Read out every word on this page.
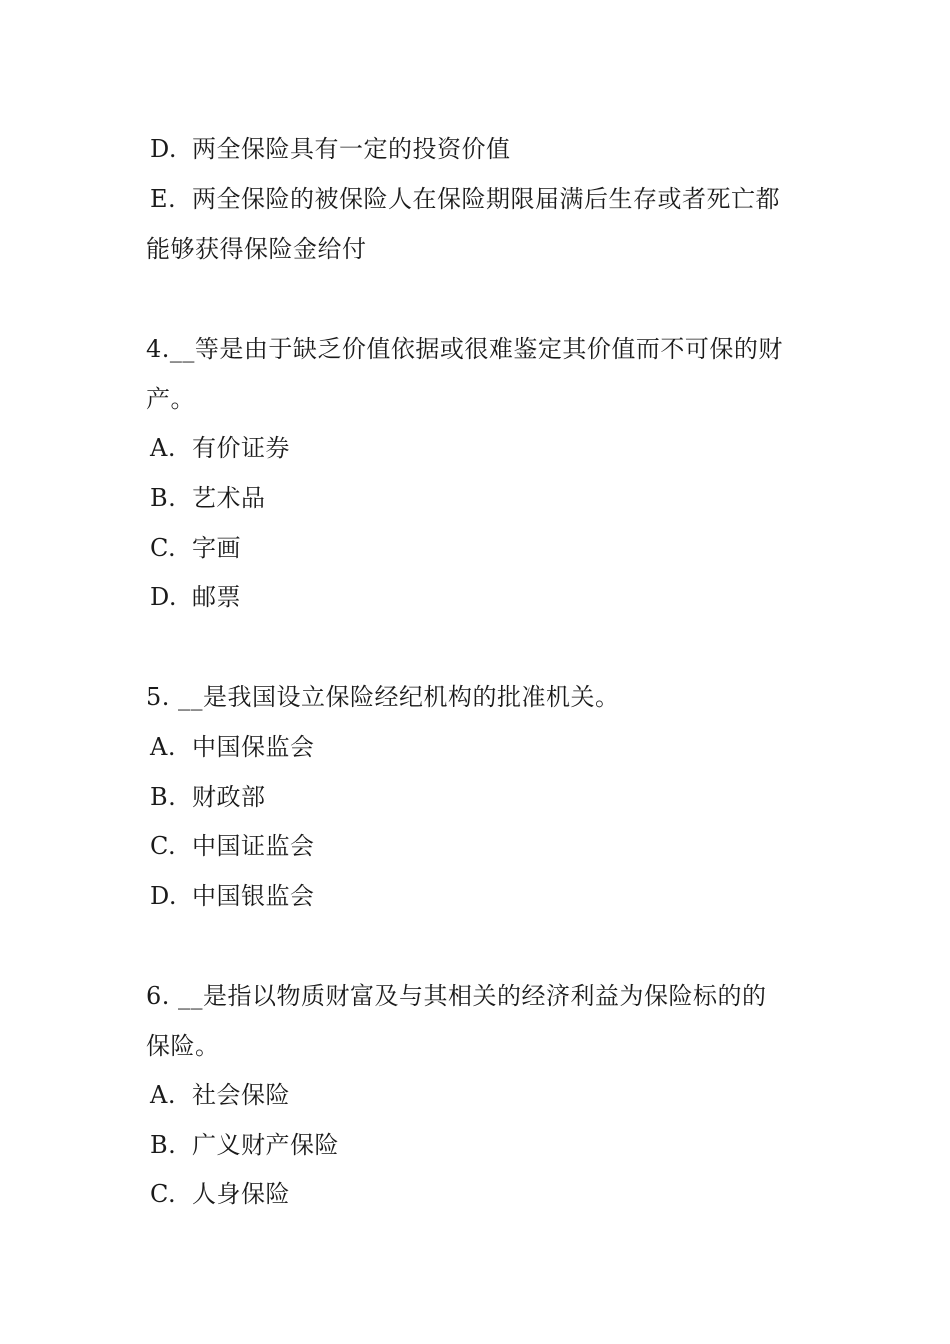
D. 两全保险具有一定的投资价值
E. 两全保险的被保险人在保险期限届满后生存或者死亡都
能够获得保险金给付
4.__等是由于缺乏价值依据或很难鉴定其价值而不可保的财
产。
A. 有价证券
B. 艺术品
C. 字画
D. 邮票
5. __是我国设立保险经纪机构的批准机关。
A. 中国保监会
B. 财政部
C. 中国证监会
D. 中国银监会
6. __是指以物质财富及与其相关的经济利益为保险标的的
保险。
A. 社会保险
B. 广义财产保险
C. 人身保险
